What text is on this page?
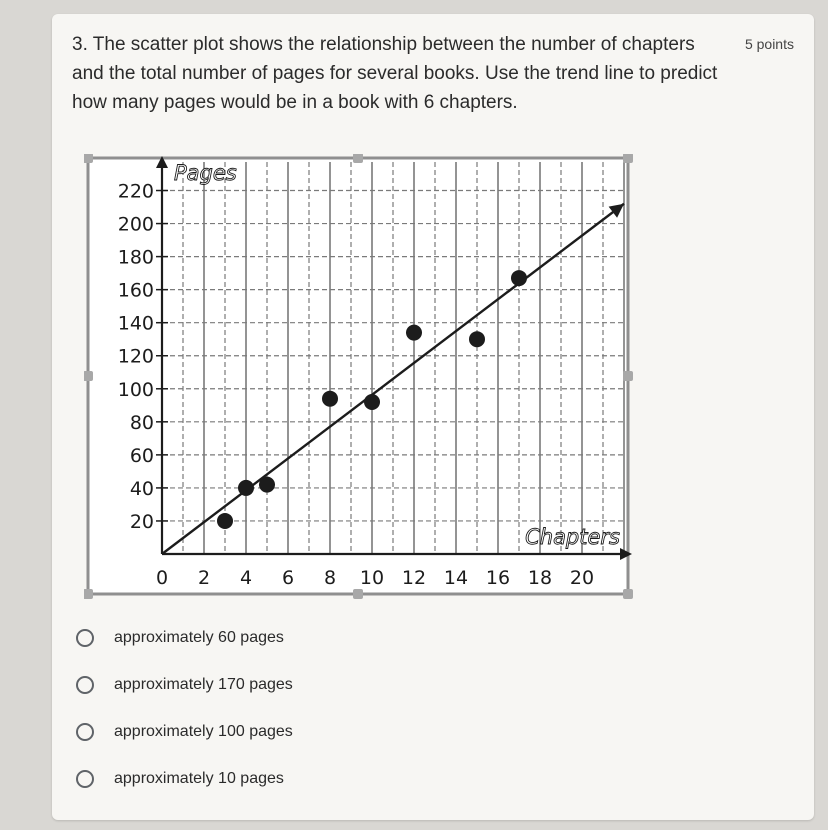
3. The scatter plot shows the relationship between the number of chapters and the total number of pages for several books. Use the trend line to predict how many pages would be in a book with 6 chapters.
5 points
20
40
60
80
100
120
140
160
180
200
220
0 2 4 6 8 10 12 14 16 18 20
Pages
Chapters
approximately 60 pages
approximately 170 pages
approximately 100 pages
approximately 10 pages
